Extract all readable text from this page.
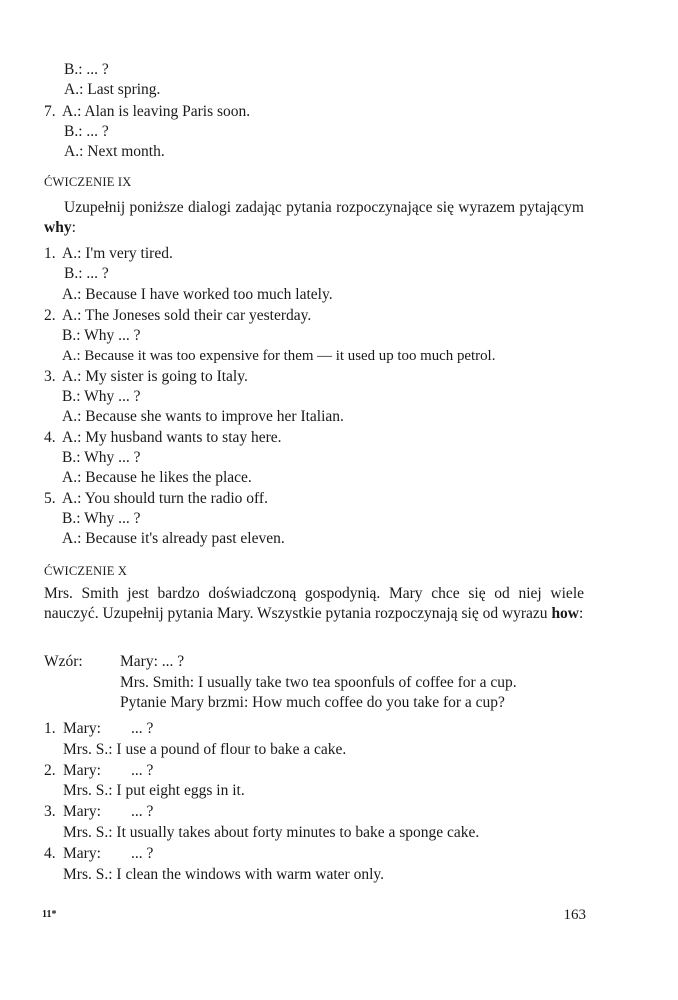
B.: ... ?
A.: Last spring.
7. A.: Alan is leaving Paris soon.
B.: ... ?
A.: Next month.
ĆWICZENIE IX
Uzupełnij poniższe dialogi zadając pytania rozpoczynające się wyrazem pytającym why:
1. A.: I'm very tired.
B.: ... ?
A.: Because I have worked too much lately.
2. A.: The Joneses sold their car yesterday.
B.: Why ... ?
A.: Because it was too expensive for them — it used up too much petrol.
3. A.: My sister is going to Italy.
B.: Why ... ?
A.: Because she wants to improve her Italian.
4. A.: My husband wants to stay here.
B.: Why ... ?
A.: Because he likes the place.
5. A.: You should turn the radio off.
B.: Why ... ?
A.: Because it's already past eleven.
ĆWICZENIE X
Mrs. Smith jest bardzo doświadczoną gospodynią. Mary chce się od niej wiele nauczyć. Uzupełnij pytania Mary. Wszystkie pytania rozpoczynają się od wyrazu how:
Wzór: Mary: ... ?
Mrs. Smith: I usually take two tea spoonfuls of coffee for a cup.
Pytanie Mary brzmi: How much coffee do you take for a cup?
1. Mary: ... ?
Mrs. S.: I use a pound of flour to bake a cake.
2. Mary: ... ?
Mrs. S.: I put eight eggs in it.
3. Mary: ... ?
Mrs. S.: It usually takes about forty minutes to bake a sponge cake.
4. Mary: ... ?
Mrs. S.: I clean the windows with warm water only.
11*	163
